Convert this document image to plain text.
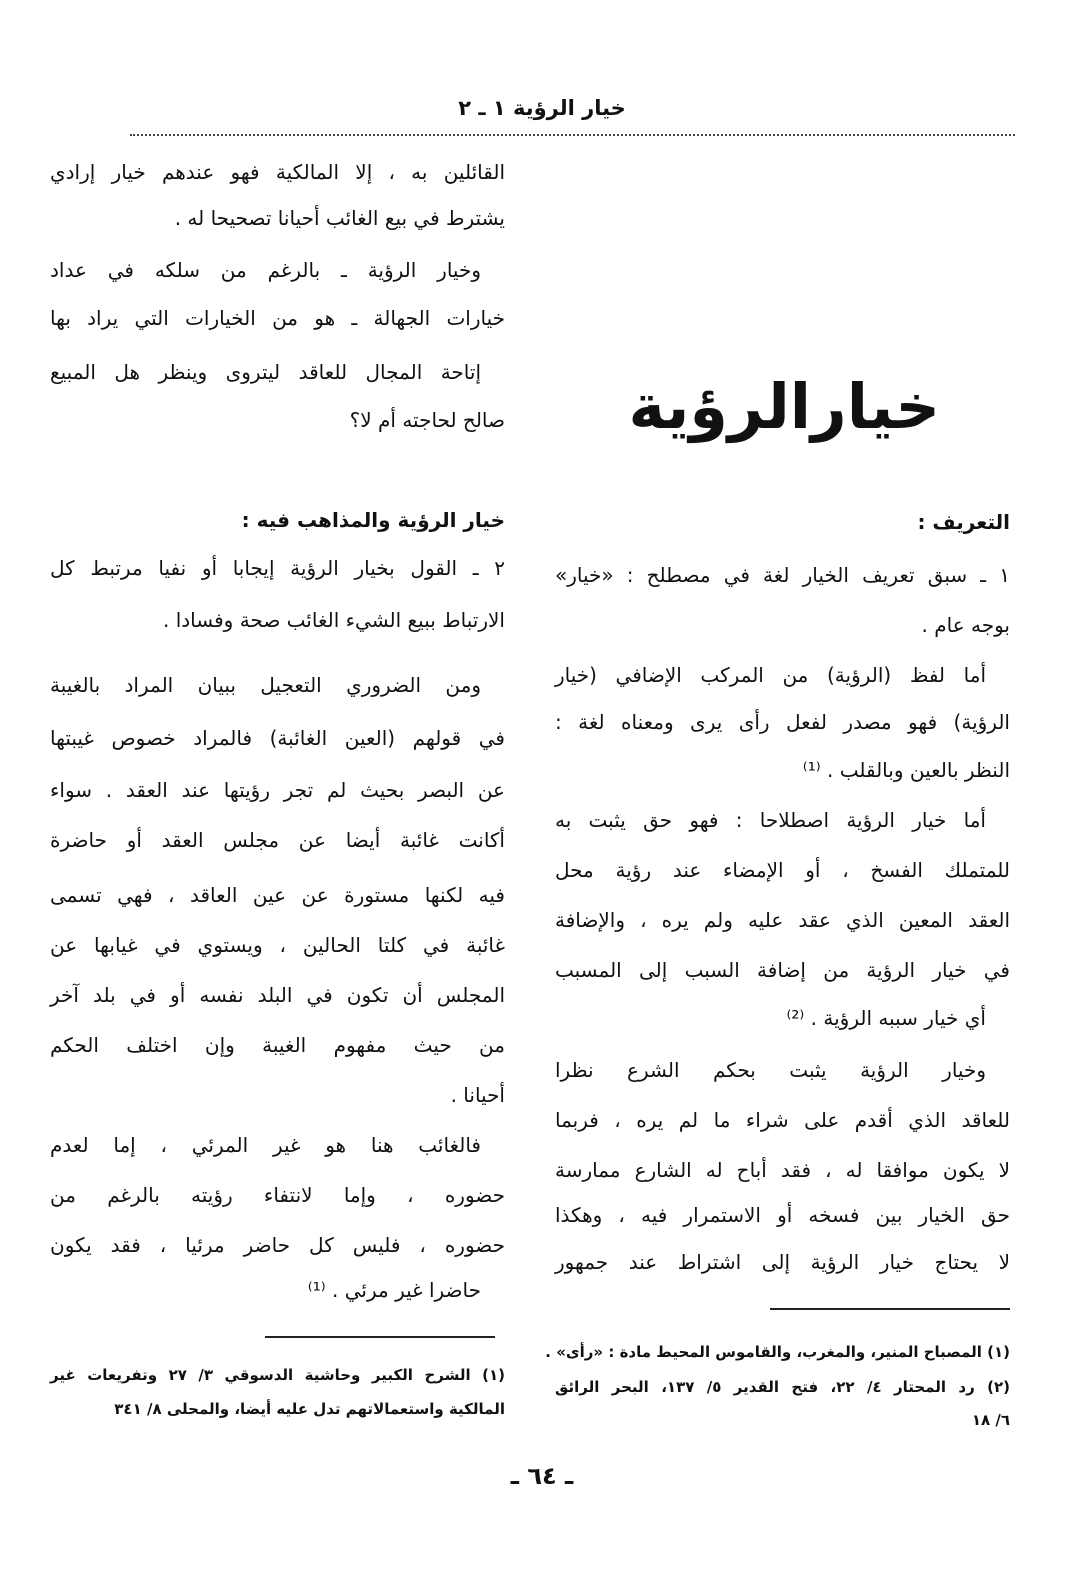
خيار الرؤية ١ ـ ٢
خيارالرؤية
التعريف :
١ ـ سبق تعريف الخيار لغة في مصطلح : «خيار»
بوجه عام .
أما لفظ (الرؤية) من المركب الإضافي (خيار
الرؤية) فهو مصدر لفعل رأى يرى ومعناه لغة :
النظر بالعين وبالقلب . ⁽¹⁾
أما خيار الرؤية اصطلاحا : فهو حق يثبت به
للمتملك الفسخ ، أو الإمضاء عند رؤية محل
العقد المعين الذي عقد عليه ولم يره ، والإضافة
في خيار الرؤية من إضافة السبب إلى المسبب
أي خيار سببه الرؤية . ⁽²⁾
وخيار الرؤية يثبت بحكم الشرع نظرا
للعاقد الذي أقدم على شراء ما لم يره ، فربما
لا يكون موافقا له ، فقد أباح له الشارع ممارسة
حق الخيار بين فسخه أو الاستمرار فيه ، وهكذا
لا يحتاج خيار الرؤية إلى اشتراط عند جمهور
(١) المصباح المنير، والمغرب، والقاموس المحيط مادة : «رأى» .
(٢) رد المحتار ٤/ ٢٢، فتح القدير ٥/ ١٣٧، البحر الرائق
٦/ ١٨
القائلين به ، إلا المالكية فهو عندهم خيار إرادي
يشترط في بيع الغائب أحيانا تصحيحا له .
وخيار الرؤية ـ بالرغم من سلكه في عداد
خيارات الجهالة ـ هو من الخيارات التي يراد بها
إتاحة المجال للعاقد ليتروى وينظر هل المبيع
صالح لحاجته أم لا؟
خيار الرؤية والمذاهب فيه :
٢ ـ القول بخيار الرؤية إيجابا أو نفيا مرتبط كل
الارتباط ببيع الشيء الغائب صحة وفسادا .
ومن الضروري التعجيل ببيان المراد بالغيبة
في قولهم (العين الغائبة) فالمراد خصوص غيبتها
عن البصر بحيث لم تجر رؤيتها عند العقد . سواء
أكانت غائبة أيضا عن مجلس العقد أو حاضرة
فيه لكنها مستورة عن عين العاقد ، فهي تسمى
غائبة في كلتا الحالين ، ويستوي في غيابها عن
المجلس أن تكون في البلد نفسه أو في بلد آخر
من حيث مفهوم الغيبة وإن اختلف الحكم
أحيانا .
فالغائب هنا هو غير المرئي ، إما لعدم
حضوره ، وإما لانتفاء رؤيته بالرغم من
حضوره ، فليس كل حاضر مرئيا ، فقد يكون
حاضرا غير مرئي . ⁽¹⁾
(١) الشرح الكبير وحاشية الدسوقي ٣/ ٢٧ وتفريعات غير
المالكية واستعمالاتهم تدل عليه أيضا، والمحلى ٨/ ٣٤١
ـ ٦٤ ـ
